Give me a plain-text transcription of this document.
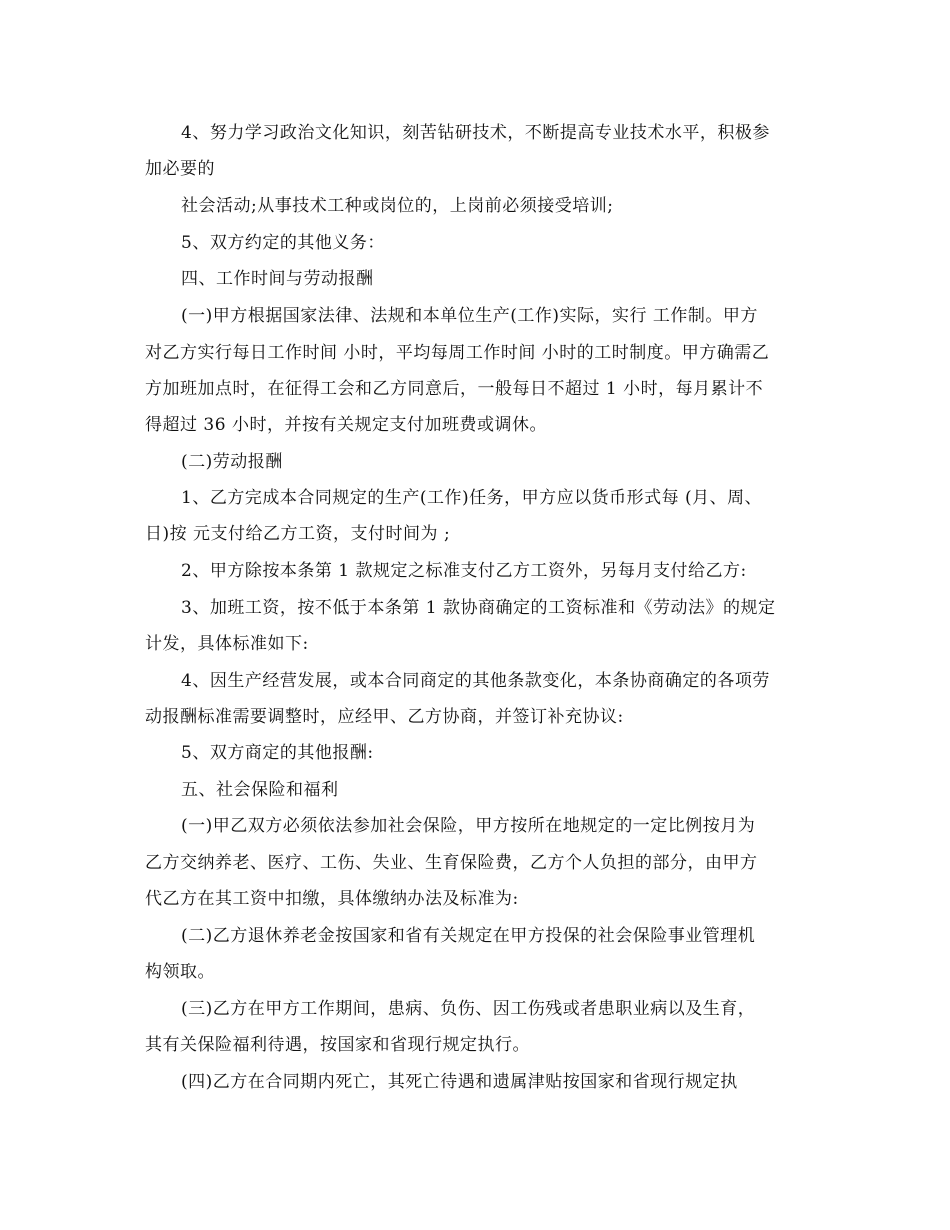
4、努力学习政治文化知识，刻苦钻研技术，不断提高专业技术水平，积极参
加必要的
社会活动;从事技术工种或岗位的，上岗前必须接受培训;
5、双方约定的其他义务：
四、工作时间与劳动报酬
(一)甲方根据国家法律、法规和本单位生产(工作)实际，实行 工作制。甲方
对乙方实行每日工作时间 小时，平均每周工作时间 小时的工时制度。甲方确需乙
方加班加点时，在征得工会和乙方同意后，一般每日不超过 1 小时，每月累计不
得超过 36 小时，并按有关规定支付加班费或调休。
(二)劳动报酬
1、乙方完成本合同规定的生产(工作)任务，甲方应以货币形式每 (月、周、
日)按 元支付给乙方工资，支付时间为 ;
2、甲方除按本条第 1 款规定之标准支付乙方工资外，另每月支付给乙方:
3、加班工资，按不低于本条第 1 款协商确定的工资标准和《劳动法》的规定
计发，具体标准如下:
4、因生产经营发展，或本合同商定的其他条款变化，本条协商确定的各项劳
动报酬标准需要调整时，应经甲、乙方协商，并签订补充协议:
5、双方商定的其他报酬:
五、社会保险和福利
(一)甲乙双方必须依法参加社会保险，甲方按所在地规定的一定比例按月为
乙方交纳养老、医疗、工伤、失业、生育保险费，乙方个人负担的部分，由甲方
代乙方在其工资中扣缴，具体缴纳办法及标准为:
(二)乙方退休养老金按国家和省有关规定在甲方投保的社会保险事业管理机
构领取。
(三)乙方在甲方工作期间，患病、负伤、因工伤残或者患职业病以及生育，
其有关保险福利待遇，按国家和省现行规定执行。
(四)乙方在合同期内死亡，其死亡待遇和遗属津贴按国家和省现行规定执
